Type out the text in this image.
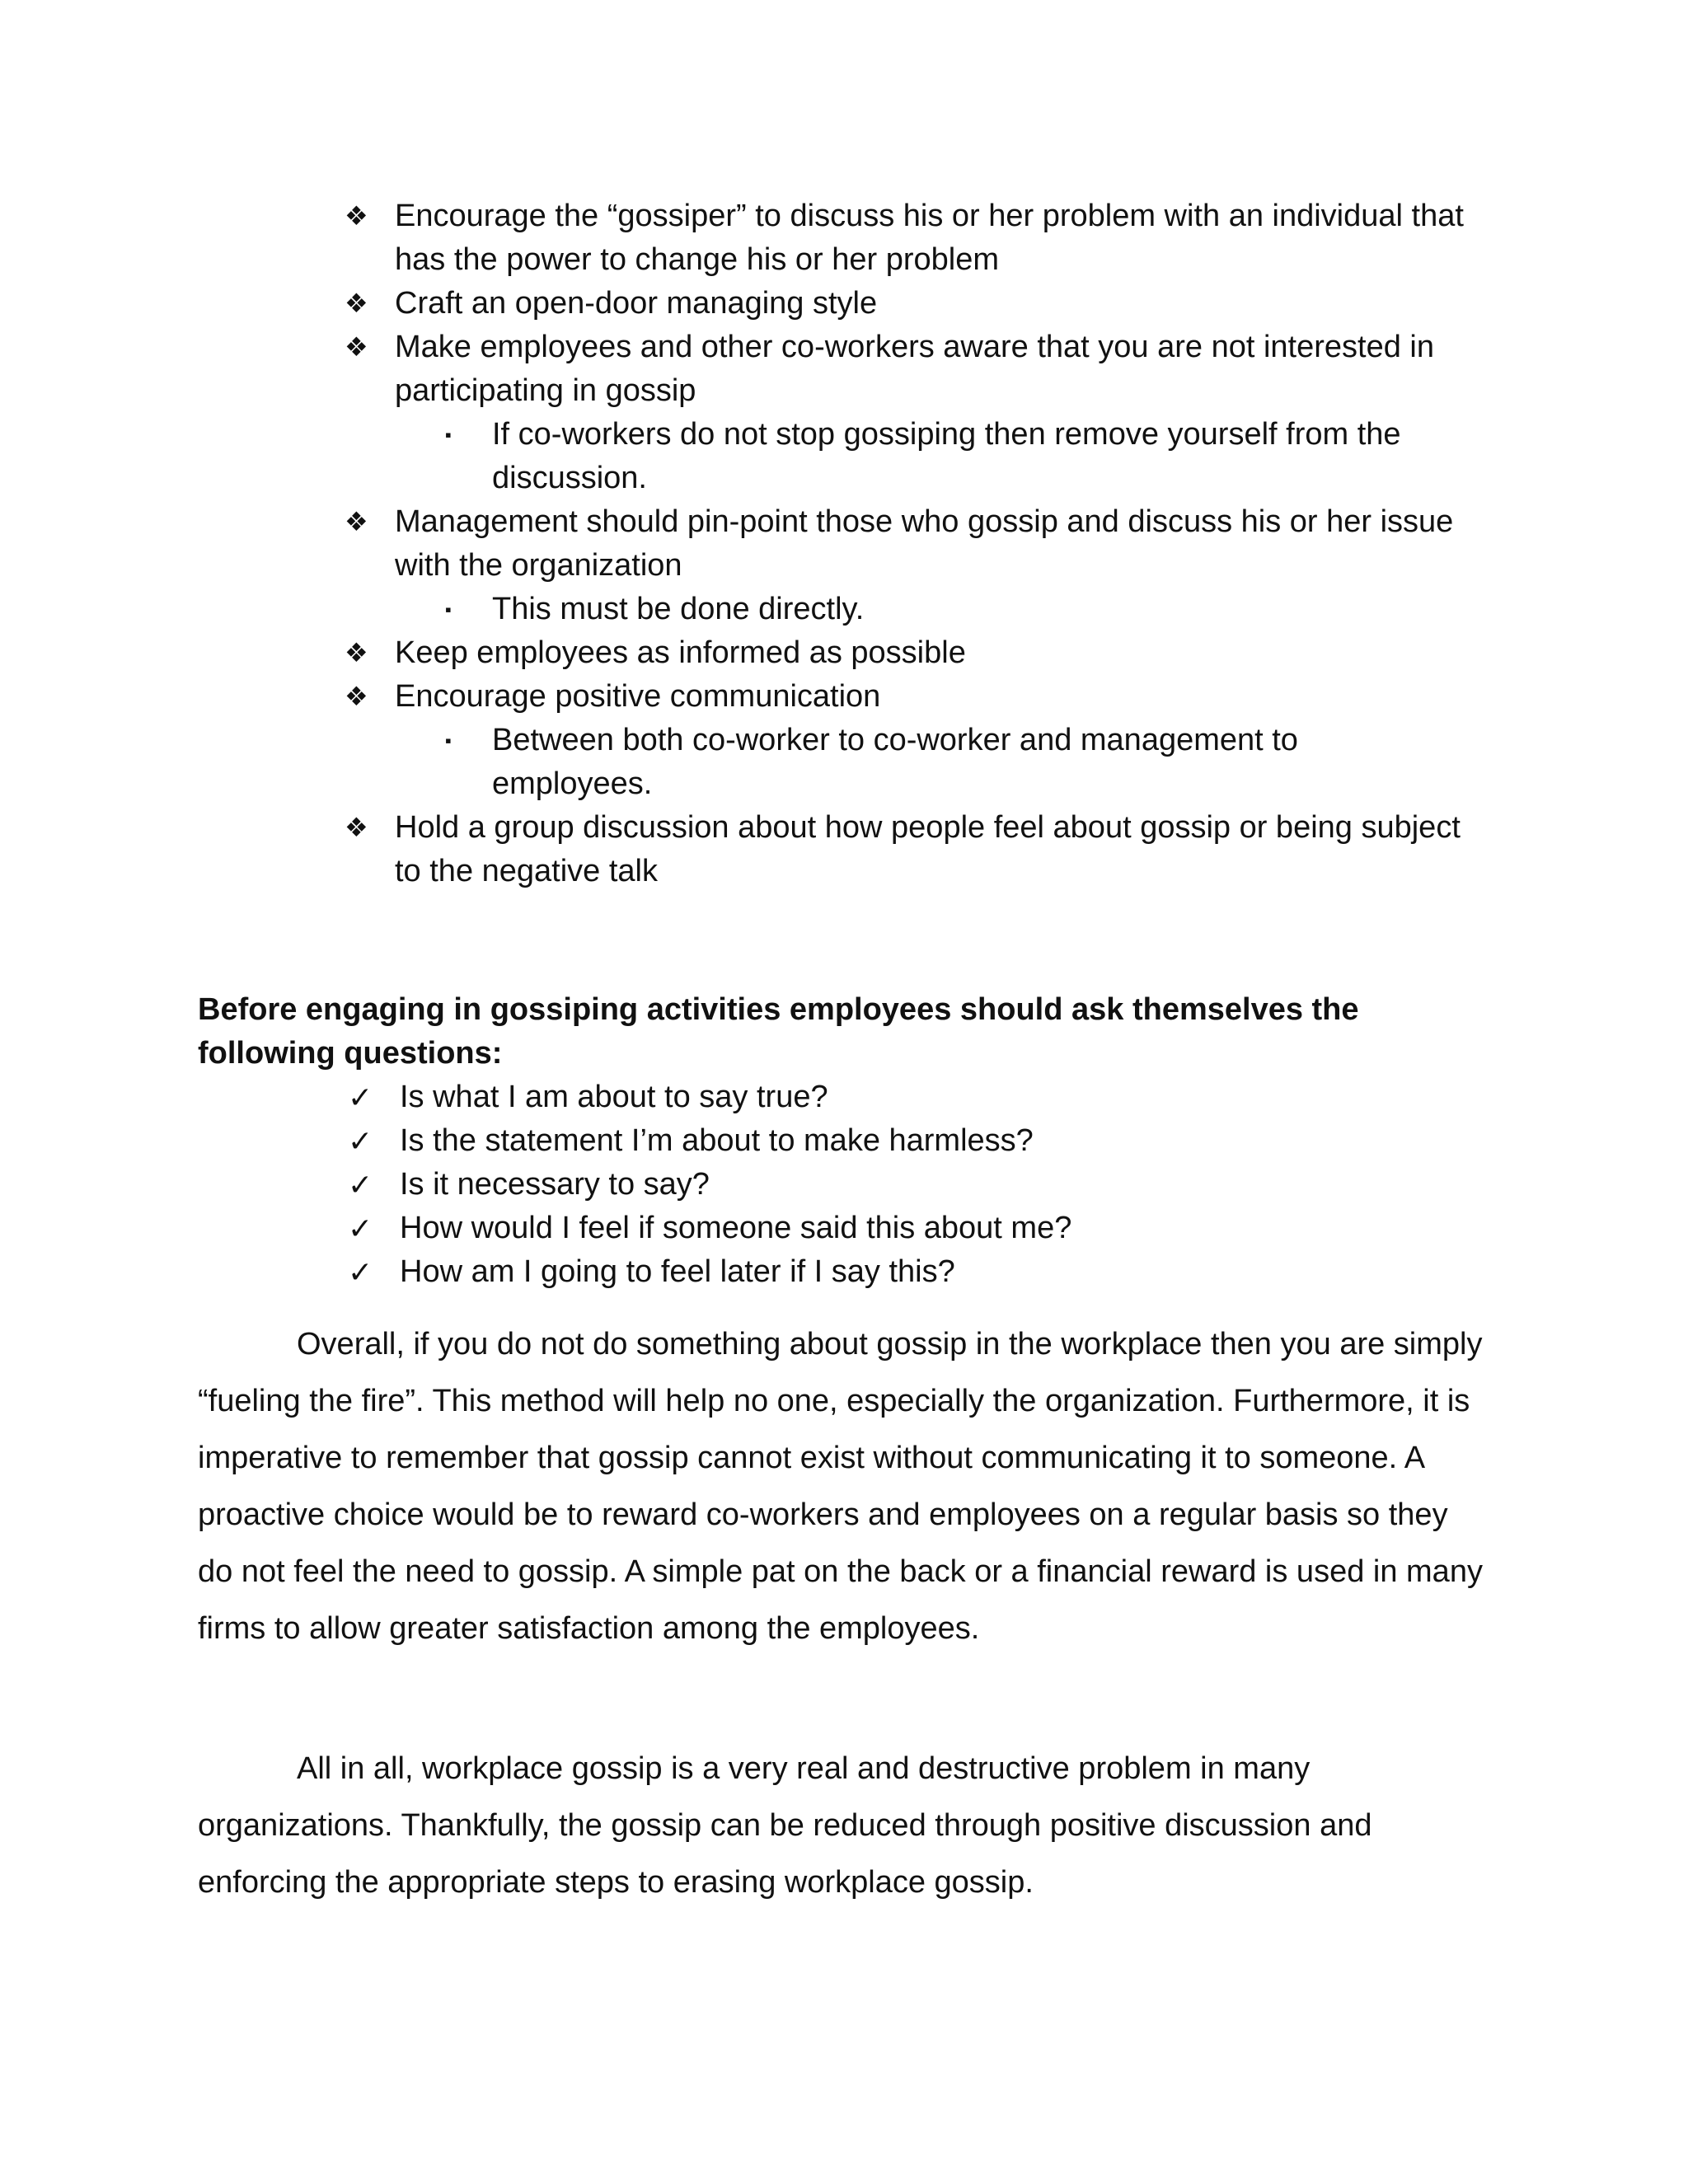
❖ Encourage the “gossiper” to discuss his or her problem with an individual that has the power to change his or her problem
❖ Craft an open-door managing style
❖ Make employees and other co-workers aware that you are not interested in participating in gossip
▪ If co-workers do not stop gossiping then remove yourself from the discussion.
❖ Management should pin-point those who gossip and discuss his or her issue with the organization
▪ This must be done directly.
❖ Keep employees as informed as possible
❖ Encourage positive communication
▪ Between both co-worker to co-worker and management to employees.
❖ Hold a group discussion about how people feel about gossip or being subject to the negative talk
Before engaging in gossiping activities employees should ask themselves the following questions:
✓ Is what I am about to say true?
✓ Is the statement I’m about to make harmless?
✓ Is it necessary to say?
✓ How would I feel if someone said this about me?
✓ How am I going to feel later if I say this?

Overall, if you do not do something about gossip in the workplace then you are simply “fueling the fire”. This method will help no one, especially the organization. Furthermore, it is imperative to remember that gossip cannot exist without communicating it to someone. A proactive choice would be to reward co-workers and employees on a regular basis so they do not feel the need to gossip. A simple pat on the back or a financial reward is used in many firms to allow greater satisfaction among the employees.

All in all, workplace gossip is a very real and destructive problem in many organizations. Thankfully, the gossip can be reduced through positive discussion and enforcing the appropriate steps to erasing workplace gossip.
